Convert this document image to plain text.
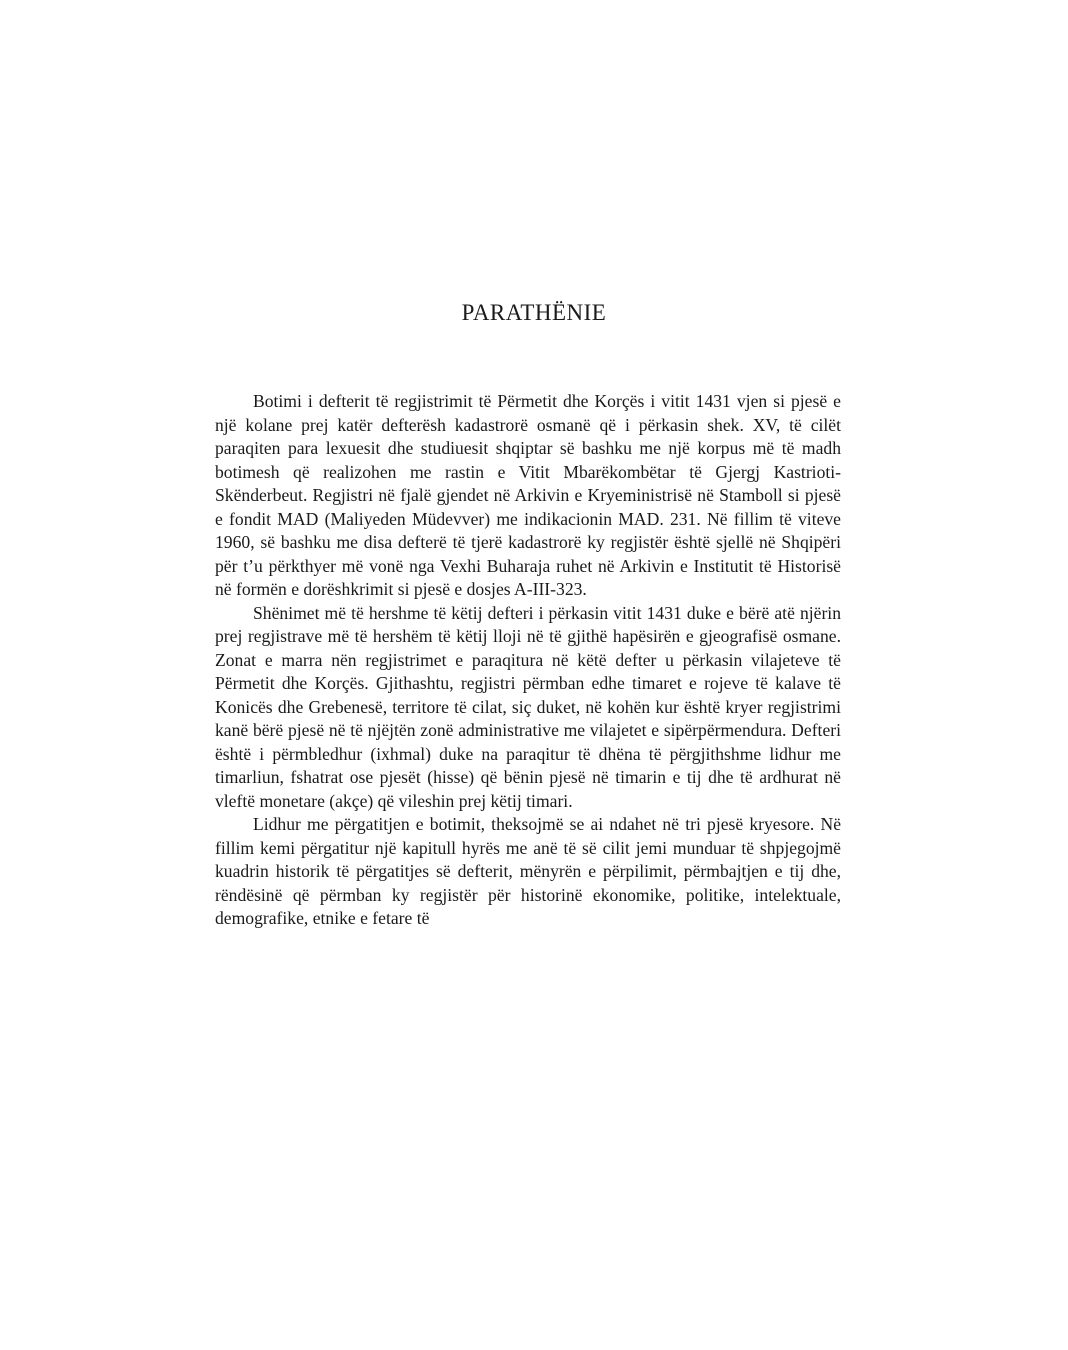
PARATHËNIE

Botimi i defterit të regjistrimit të Përmetit dhe Korçës i vitit 1431 vjen si pjesë e një kolane prej katër defterësh kadastrorë osmanë që i përkasin shek. XV, të cilët paraqiten para lexuesit dhe studiuesit shqiptar së bashku me një korpus më të madh botimesh që realizohen me rastin e Vitit Mbarëkombëtar të Gjergj Kastrioti-Skënderbeut. Regjistri në fjalë gjendet në Arkivin e Kryeministrisë në Stamboll si pjesë e fondit MAD (Maliyeden Müdevver) me indikacionin MAD. 231. Në fillim të viteve 1960, së bashku me disa defterë të tjerë kadastrorë ky regjistër është sjellë në Shqipëri për t’u përkthyer më vonë nga Vexhi Buharaja ruhet në Arkivin e Institutit të Historisë në formën e dorëshkrimit si pjesë e dosjes A-III-323.

Shënimet më të hershme të këtij defteri i përkasin vitit 1431 duke e bërë atë njërin prej regjistrave më të hershëm të këtij lloji në të gjithë hapësirën e gjeografisë osmane. Zonat e marra nën regjistrimet e paraqitura në këtë defter u përkasin vilajeteve të Përmetit dhe Korçës. Gjithashtu, regjistri përmban edhe timaret e rojeve të kalave të Konicës dhe Grebenesë, territore të cilat, siç duket, në kohën kur është kryer regjistrimi kanë bërë pjesë në të njëjtën zonë administrative me vilajetet e sipërpërmendura. Defteri është i përmbledhur (ixhmal) duke na paraqitur të dhëna të përgjithshme lidhur me timarliun, fshatrat ose pjesët (hisse) që bënin pjesë në timarin e tij dhe të ardhurat në vleftë monetare (akçe) që vileshin prej këtij timari.

Lidhur me përgatitjen e botimit, theksojmë se ai ndahet në tri pjesë kryesore. Në fillim kemi përgatitur një kapitull hyrës me anë të së cilit jemi munduar të shpjegojmë kuadrin historik të përgatitjes së defterit, mënyrën e përpilimit, përmbajtjen e tij dhe, rëndësinë që përmban ky regjistër për historinë ekonomike, politike, intelektuale, demografike, etnike e fetare të
